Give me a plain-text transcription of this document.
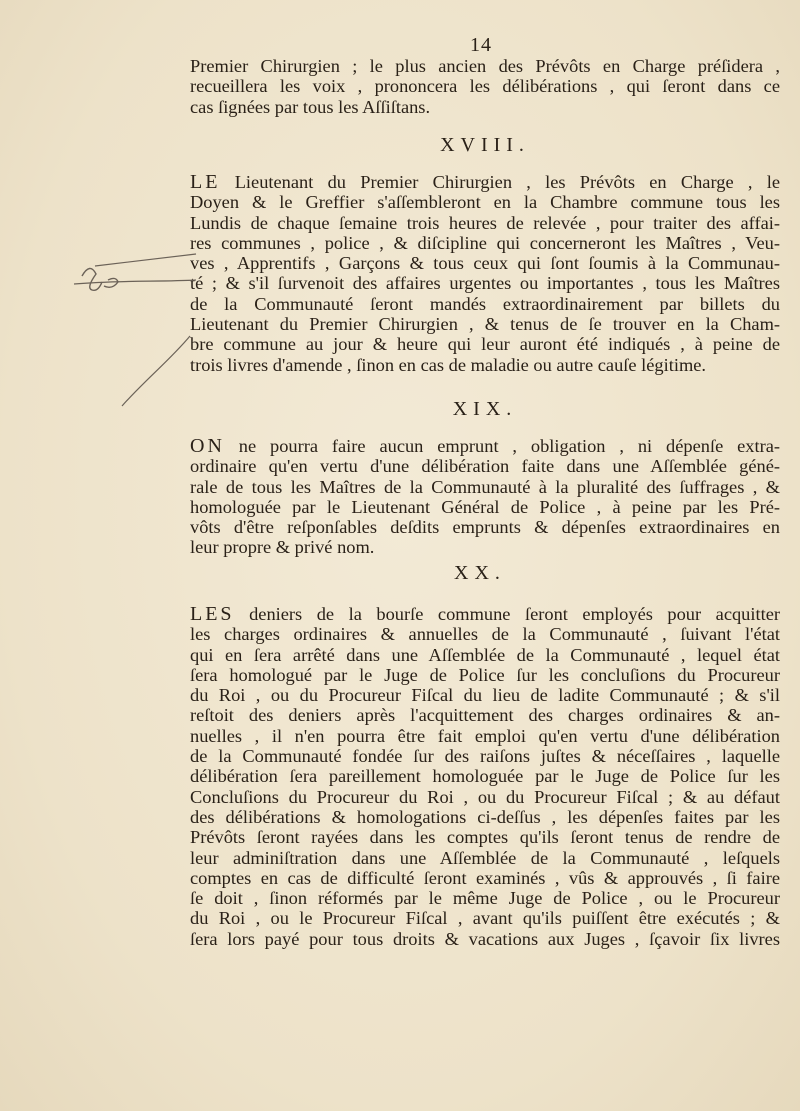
14
Premier Chirurgien ; le plus ancien des Prévôts en Charge préſidera ,
recueillera les voix , prononcera les délibérations , qui ſeront dans ce
cas ſignées par tous les Aſſiſtans.
XVIII.
LE Lieutenant du Premier Chirurgien , les Prévôts en Charge , le
Doyen & le Greffier s'aſſembleront en la Chambre commune tous les
Lundis de chaque ſemaine trois heures de relevée , pour traiter des affai-
res communes , police , & diſcipline qui concerneront les Maîtres , Veu-
ves , Apprentifs , Garçons & tous ceux qui ſont ſoumis à la Communau-
té ; & s'il ſurvenoit des affaires urgentes ou importantes , tous les Maîtres
de la Communauté ſeront mandés extraordinairement par billets du
Lieutenant du Premier Chirurgien , & tenus de ſe trouver en la Cham-
bre commune au jour & heure qui leur auront été indiqués , à peine de
trois livres d'amende , ſinon en cas de maladie ou autre cauſe légitime.
XIX.
ON ne pourra faire aucun emprunt , obligation , ni dépenſe extra-
ordinaire qu'en vertu d'une délibération faite dans une Aſſemblée géné-
rale de tous les Maîtres de la Communauté à la pluralité des ſuffrages , &
homologuée par le Lieutenant Général de Police , à peine par les Pré-
vôts d'être reſponſables deſdits emprunts & dépenſes extraordinaires en
leur propre & privé nom.
XX.
LES deniers de la bourſe commune ſeront employés pour acquitter
les charges ordinaires & annuelles de la Communauté , ſuivant l'état
qui en ſera arrêté dans une Aſſemblée de la Communauté , lequel état
ſera homologué par le Juge de Police ſur les concluſions du Procureur
du Roi , ou du Procureur Fiſcal du lieu de ladite Communauté ; & s'il
reſtoit des deniers après l'acquittement des charges ordinaires & an-
nuelles , il n'en pourra être fait emploi qu'en vertu d'une délibération
de la Communauté fondée ſur des raiſons juſtes & néceſſaires , laquelle
délibération ſera pareillement homologuée par le Juge de Police ſur les
Concluſions du Procureur du Roi , ou du Procureur Fiſcal ; & au défaut
des délibérations & homologations ci-deſſus , les dépenſes faites par les
Prévôts ſeront rayées dans les comptes qu'ils ſeront tenus de rendre de
leur adminiſtration dans une Aſſemblée de la Communauté , leſquels
comptes en cas de difficulté ſeront examinés , vûs & approuvés , ſi faire
ſe doit , ſinon réformés par le même Juge de Police , ou le Procureur
du Roi , ou le Procureur Fiſcal , avant qu'ils puiſſent être exécutés ; &
ſera lors payé pour tous droits & vacations aux Juges , ſçavoir ſix livres
